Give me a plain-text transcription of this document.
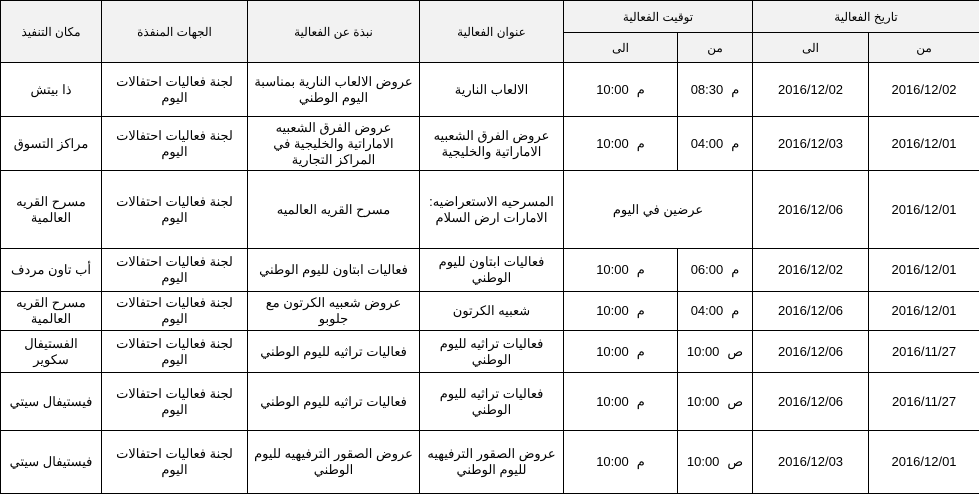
تاريخ الفعالية		توقيت الفعالية		عنوان الفعالية	نبذة عن الفعالية	الجهات المنفذة	مكان التنفيذ
من	الى	من	الى				
2016/12/02	2016/12/02	م08:30	م10:00	الالعاب النارية	عروض الالعاب النارية بمناسبة اليوم الوطني	لجنة فعاليات احتفالات اليوم	ذا بيتش
2016/12/01	2016/12/03	م04:00	م10:00	عروض الفرق الشعبيه الاماراتية والخليجية	عروض الفرق الشعبيه الاماراتية والخليجية في المراكز التجارية	لجنة فعاليات احتفالات اليوم	مراكز التسوق
2016/12/01	2016/12/06	عرضين في اليوم		المسرحيه الاستعراضيه: الامارات ارض السلام	مسرح القريه العالميه	لجنة فعاليات احتفالات اليوم	مسرح القريه العالمية
2016/12/01	2016/12/02	م06:00	م10:00	فعاليات ابتاون لليوم الوطني	فعاليات ابتاون لليوم الوطني	لجنة فعاليات احتفالات اليوم	أب تاون مردف
2016/12/01	2016/12/06	م04:00	م10:00	شعبيه الكرتون	عروض شعبيه الكرتون مع جلوبو	لجنة فعاليات احتفالات اليوم	مسرح القريه العالمية
2016/11/27	2016/12/06	ص10:00	م10:00	فعاليات تراثيه لليوم الوطني	فعاليات تراثيه لليوم الوطني	لجنة فعاليات احتفالات اليوم	الفستيفال سكوير
2016/11/27	2016/12/06	ص10:00	م10:00	فعاليات تراثيه لليوم الوطني	فعاليات تراثيه لليوم الوطني	لجنة فعاليات احتفالات اليوم	فيستيفال سيتي
2016/12/01	2016/12/03	ص10:00	م10:00	عروض الصقور الترفيهيه لليوم الوطني	عروض الصقور الترفيهيه لليوم الوطني	لجنة فعاليات احتفالات اليوم	فيستيفال سيتي
